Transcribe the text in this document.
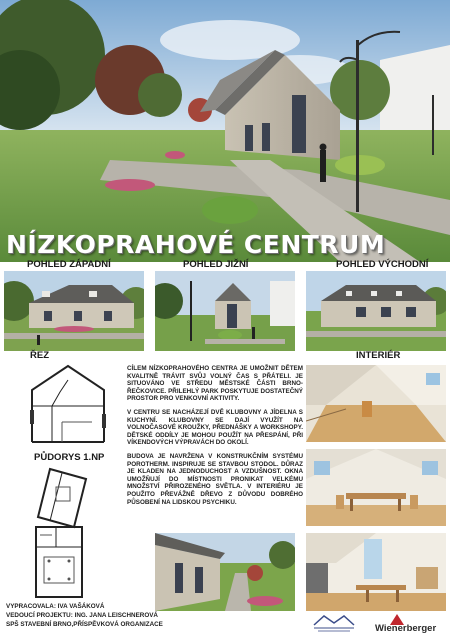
NÍZKOPRAHOVÉ CENTRUM
POHLED ZÁPADNÍ	POHLED JIŽNÍ	POHLED VÝCHODNÍ
ŘEZ	INTERIÉR

CÍLEM NÍZKOPRAHOVÉHO CENTRA JE UMOŽNIT DĚTEM KVALITNĚ TRÁVIT SVŮJ VOLNÝ ČAS S PŘÁTELI. JE SITUOVÁNO VE STŘEDU MĚSTSKÉ ČÁSTI BRNO-ŘEČKOVICE. PŘILEHLÝ PARK POSKYTUJE DOSTATEČNÝ PROSTOR PRO VENKOVNÍ AKTIVITY.

V CENTRU SE NACHÁZEJÍ DVĚ KLUBOVNY A JÍDELNA S KUCHYNÍ. KLUBOVNY SE DAJÍ VYUŽÍT NA VOLNOČASOVÉ KROUŽKY, PŘEDNÁŠKY A WORKSHOPY. DĚTSKÉ ODDÍLY JE MOHOU POUŽÍT NA PŘESPÁNÍ, PŘI VÍKENDOVÝCH VÝPRAVÁCH DO OKOLÍ.

BUDOVA JE NAVRŽENA V KONSTRUKČNÍM SYSTÉMU POROTHERM. INSPIRUJE SE STAVBOU STODOL. DŮRAZ JE KLADEN NA JEDNODUCHOST A VZDUŠNOST. OKNA UMOŽŇUJÍ DO MÍSTNOSTI PRONIKAT VELKÉMU MNOŽSTVÍ PŘIROZENÉHO SVĚTLA. V INTERIÉRU JE POUŽITO PŘEVÁŽNĚ DŘEVO Z DŮVODU DOBRÉHO PŮSOBENÍ NA LIDSKOU PSYCHIKU.

PŮDORYS 1.NP
VYPRACOVALA: IVA VAŠÁKOVÁ
VEDOUCÍ PROJEKTU: ING. JANA LEISCHNEROVÁ
SPŠ STAVEBNÍ BRNO,PŘÍSPĚVKOVÁ ORGANIZACE	Wienerberger
